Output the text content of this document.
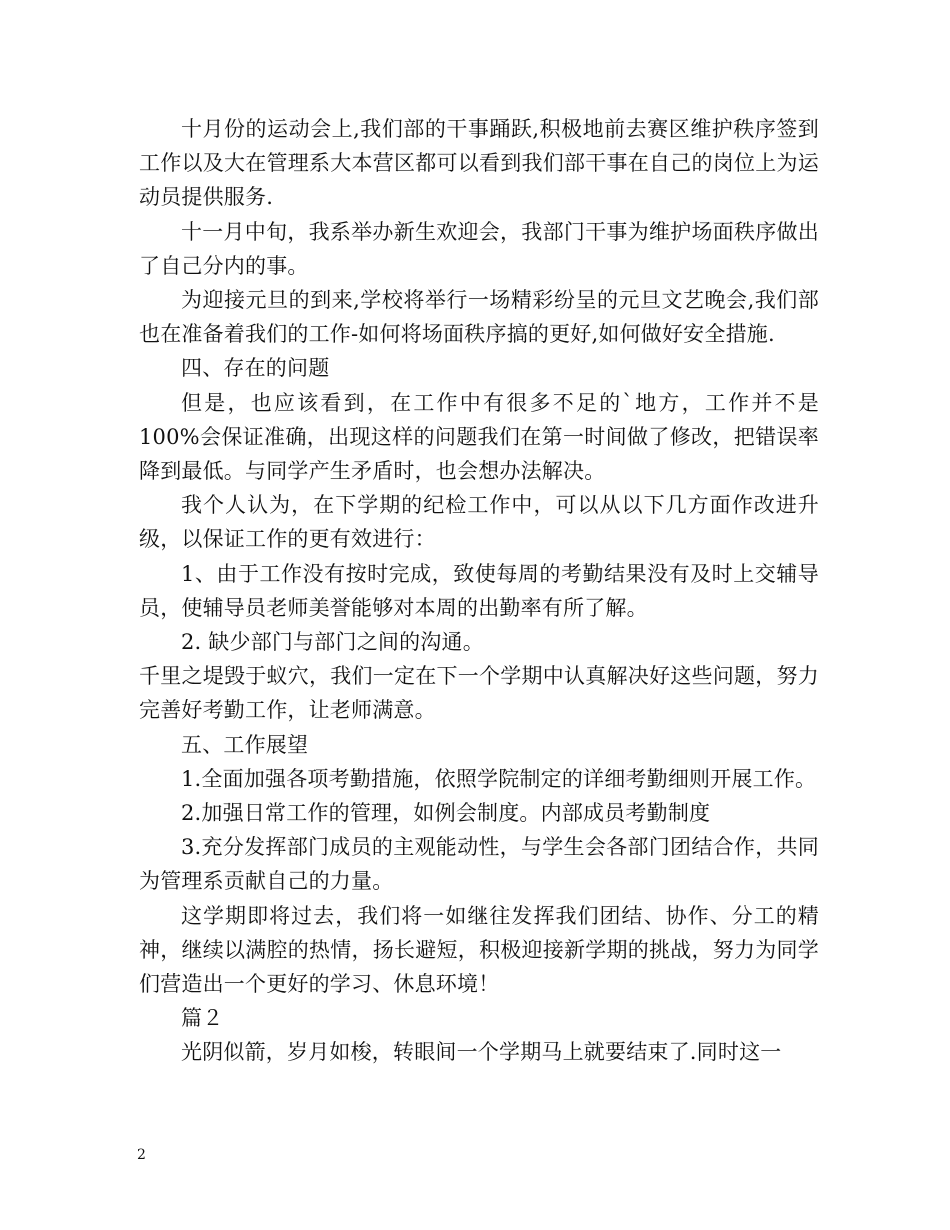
十月份的运动会上,我们部的干事踊跃,积极地前去赛区维护秩序签到工作以及大在管理系大本营区都可以看到我们部干事在自己的岗位上为运动员提供服务.

十一月中旬，我系举办新生欢迎会，我部门干事为维护场面秩序做出了自己分内的事。

为迎接元旦的到来,学校将举行一场精彩纷呈的元旦文艺晚会,我们部也在准备着我们的工作-如何将场面秩序搞的更好,如何做好安全措施.

四、存在的问题

但是，也应该看到，在工作中有很多不足的`地方，工作并不是100%会保证准确，出现这样的问题我们在第一时间做了修改，把错误率降到最低。与同学产生矛盾时，也会想办法解决。

我个人认为，在下学期的纪检工作中，可以从以下几方面作改进升级，以保证工作的更有效进行：

1、由于工作没有按时完成，致使每周的考勤结果没有及时上交辅导员，使辅导员老师美誉能够对本周的出勤率有所了解。

2. 缺少部门与部门之间的沟通。

千里之堤毁于蚁穴，我们一定在下一个学期中认真解决好这些问题，努力完善好考勤工作，让老师满意。

五、工作展望

1.全面加强各项考勤措施，依照学院制定的详细考勤细则开展工作。

2.加强日常工作的管理，如例会制度。内部成员考勤制度

3.充分发挥部门成员的主观能动性，与学生会各部门团结合作，共同为管理系贡献自己的力量。

这学期即将过去，我们将一如继往发挥我们团结、协作、分工的精神，继续以满腔的热情，扬长避短，积极迎接新学期的挑战，努力为同学们营造出一个更好的学习、休息环境！

篇２

光阴似箭，岁月如梭，转眼间一个学期马上就要结束了.同时这一

2
